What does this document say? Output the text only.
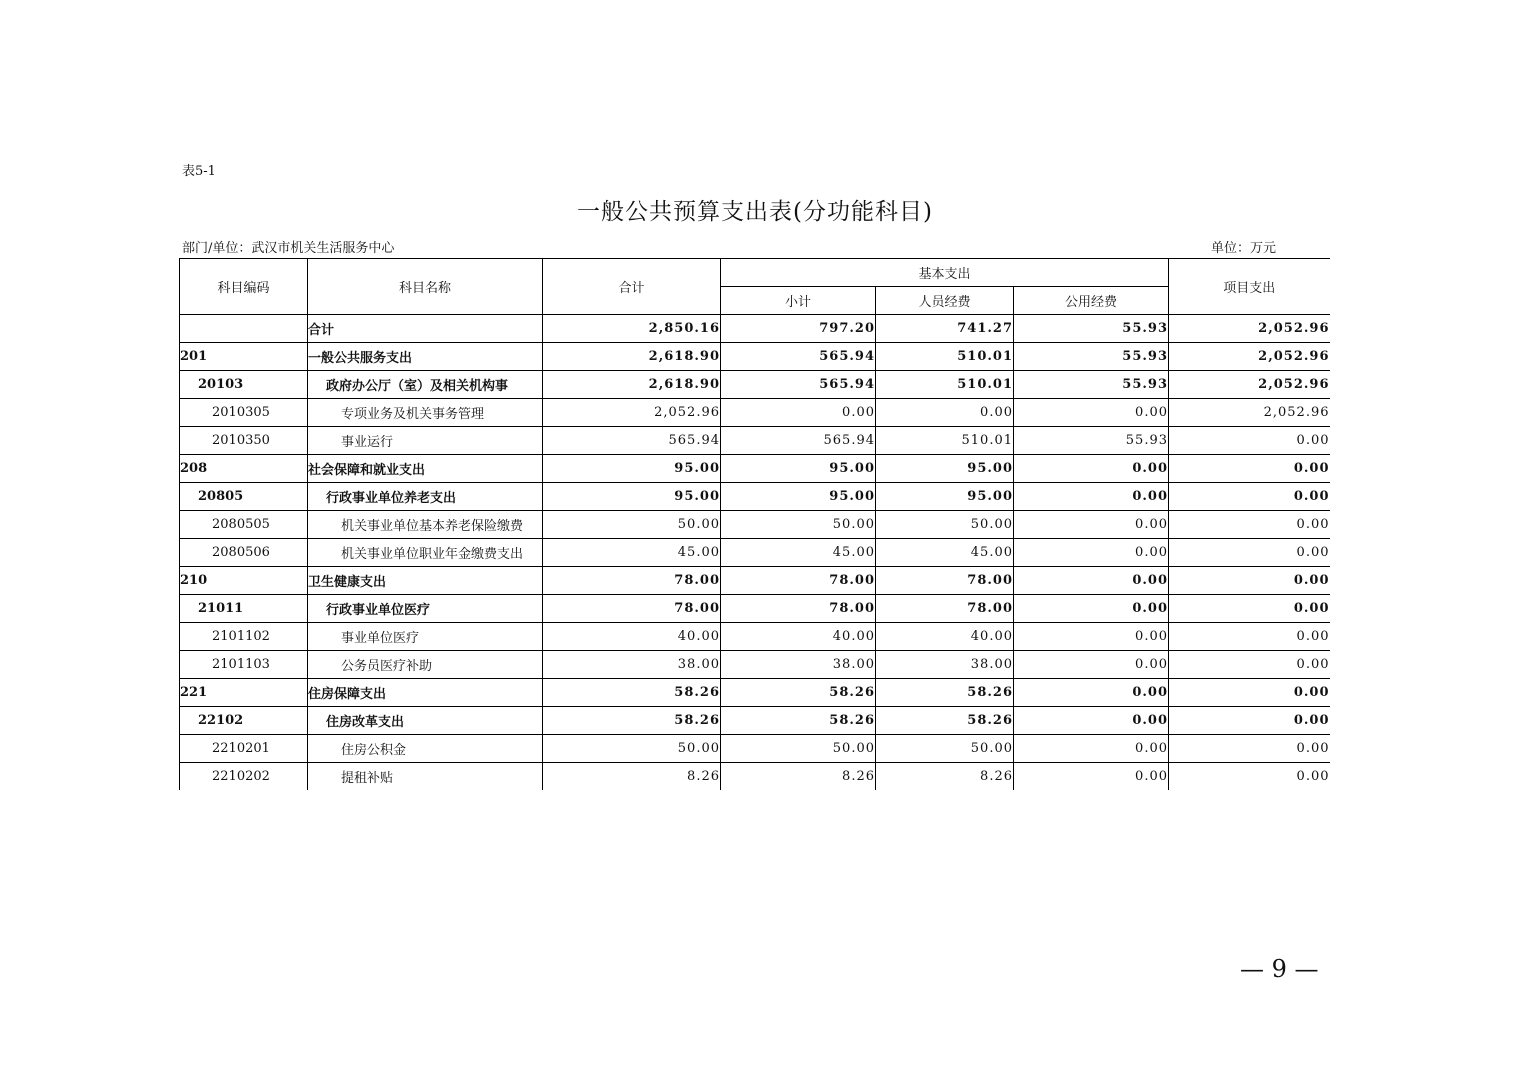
表5-1
一般公共预算支出表(分功能科目)
部门/单位：武汉市机关生活服务中心	单位：万元
科目编码	科目名称	合计	基本支出			项目支出
			小计	人员经费	公用经费	
	合计	2,850.16	797.20	741.27	55.93	2,052.96
201	一般公共服务支出	2,618.90	565.94	510.01	55.93	2,052.96
20103	政府办公厅（室）及相关机构事	2,618.90	565.94	510.01	55.93	2,052.96
2010305	专项业务及机关事务管理	2,052.96	0.00	0.00	0.00	2,052.96
2010350	事业运行	565.94	565.94	510.01	55.93	0.00
208	社会保障和就业支出	95.00	95.00	95.00	0.00	0.00
20805	行政事业单位养老支出	95.00	95.00	95.00	0.00	0.00
2080505	机关事业单位基本养老保险缴费	50.00	50.00	50.00	0.00	0.00
2080506	机关事业单位职业年金缴费支出	45.00	45.00	45.00	0.00	0.00
210	卫生健康支出	78.00	78.00	78.00	0.00	0.00
21011	行政事业单位医疗	78.00	78.00	78.00	0.00	0.00
2101102	事业单位医疗	40.00	40.00	40.00	0.00	0.00
2101103	公务员医疗补助	38.00	38.00	38.00	0.00	0.00
221	住房保障支出	58.26	58.26	58.26	0.00	0.00
22102	住房改革支出	58.26	58.26	58.26	0.00	0.00
2210201	住房公积金	50.00	50.00	50.00	0.00	0.00
2210202	提租补贴	8.26	8.26	8.26	0.00	0.00
— 9 —
